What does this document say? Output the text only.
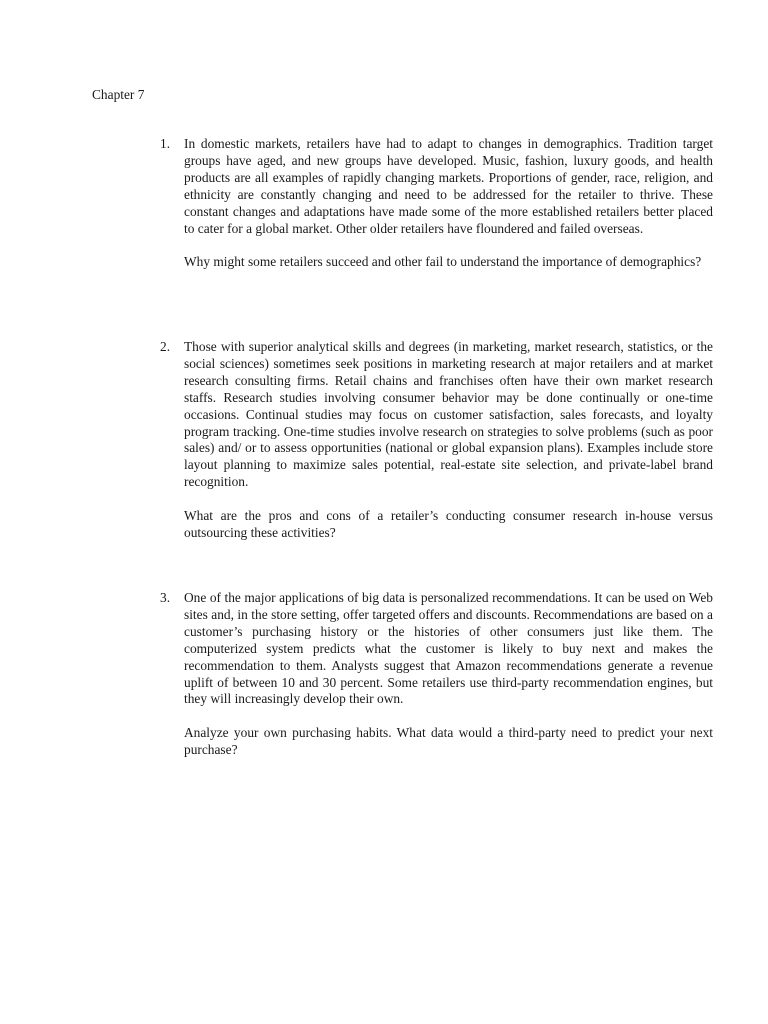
Chapter 7
1.	In domestic markets, retailers have had to adapt to changes in demographics. Tradition target groups have aged, and new groups have developed. Music, fashion, luxury goods, and health products are all examples of rapidly changing markets. Proportions of gender, race, religion, and ethnicity are constantly changing and need to be addressed for the retailer to thrive. These constant changes and adaptations have made some of the more established retailers better placed to cater for a global market. Other older retailers have floundered and failed overseas.

Why might some retailers succeed and other fail to understand the importance of demographics?

2.	Those with superior analytical skills and degrees (in marketing, market research, statistics, or the social sciences) sometimes seek positions in marketing research at major retailers and at market research consulting firms. Retail chains and franchises often have their own market research staffs. Research studies involving consumer behavior may be done continually or one-time occasions. Continual studies may focus on customer satisfaction, sales forecasts, and loyalty program tracking. One-time studies involve research on strategies to solve problems (such as poor sales) and/ or to assess opportunities (national or global expansion plans). Examples include store layout planning to maximize sales potential, real-estate site selection, and private-label brand recognition.

What are the pros and cons of a retailer’s conducting consumer research in-house versus outsourcing these activities?

3.	One of the major applications of big data is personalized recommendations. It can be used on Web sites and, in the store setting, offer targeted offers and discounts. Recommendations are based on a customer’s purchasing history or the histories of other consumers just like them. The computerized system predicts what the customer is likely to buy next and makes the recommendation to them. Analysts suggest that Amazon recommendations generate a revenue uplift of between 10 and 30 percent. Some retailers use third-party recommendation engines, but they will increasingly develop their own.

Analyze your own purchasing habits. What data would a third-party need to predict your next purchase?
